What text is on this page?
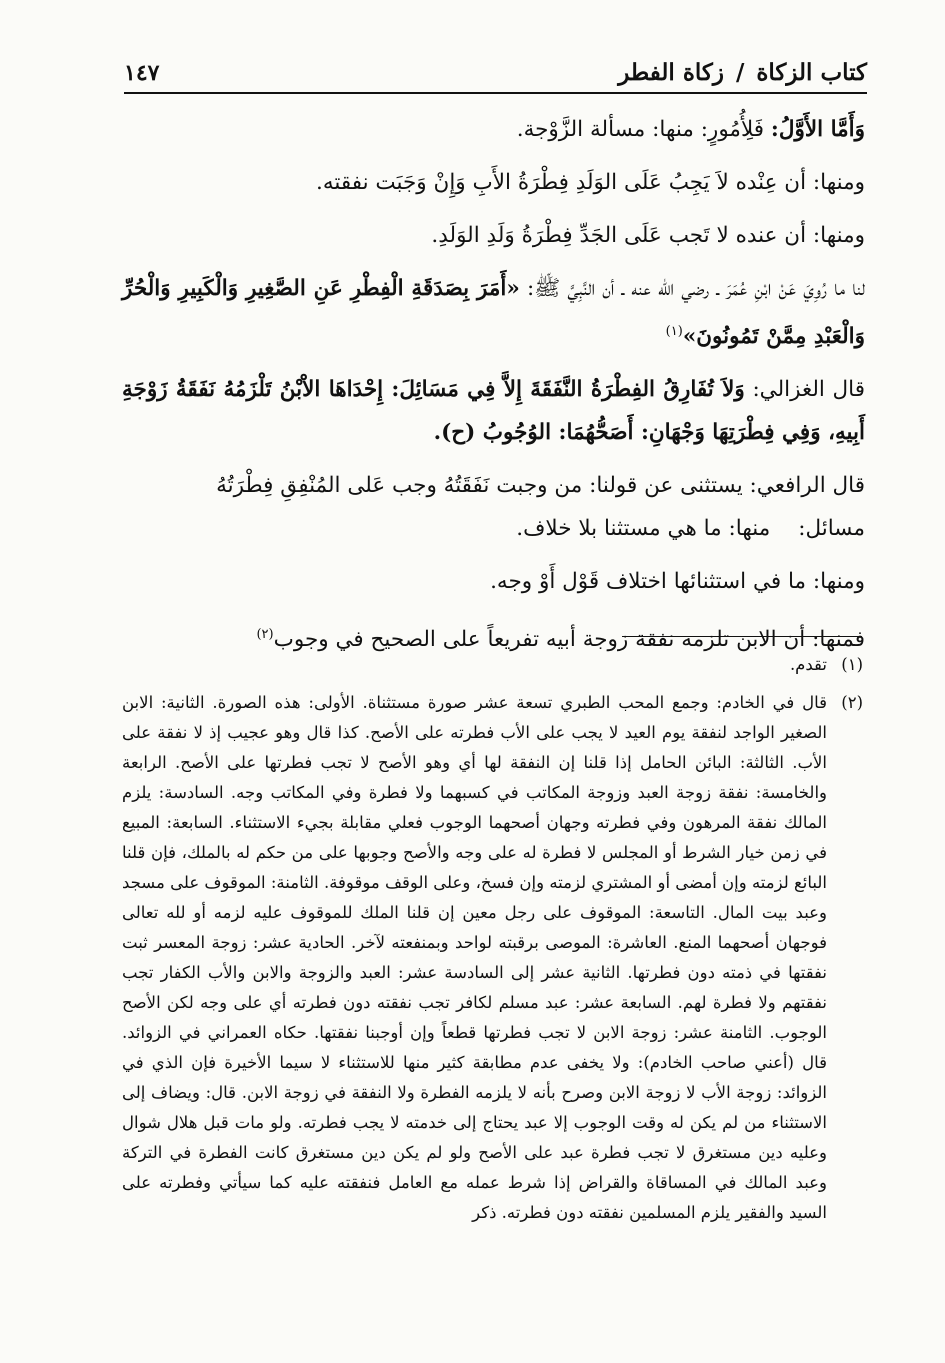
كتاب الزكاة
/
زكاة الفطر
١٤٧

وَأَمَّا الأَوَّلُ: فَلِأُمُورٍ: منها: مسألة الزَّوْجة.

ومنها: أن عِنْده لاَ يَجِبُ عَلَى الوَلَدِ فِطْرَةُ الأَبِ وَإِنْ وَجَبَت نفقته.

ومنها: أن عنده لا تَجب عَلَى الجَدِّ فِطْرَةُ وَلَدِ الوَلَدِ.

لنا ما رُوِيَ عَنْ ابْنِ عُمَرَ ـ رضي الله عنه ـ أن النَّبِيَّ ﷺ: «أَمَرَ بِصَدَقَةِ الْفِطْرِ عَنِ الصَّغِيرِ وَالْكَبِيرِ وَالْحُرِّ وَالْعَبْدِ مِمَّنْ تَمُونُونَ»$^{(١)}$

قال الغزالي: وَلاَ تُفَارِقُ الفِطْرَةُ النَّفَقَةَ إِلاَّ فِي مَسَائِلَ: إِحْدَاهَا الاْبْنُ تَلْزَمُهُ نَفَقَةُ زَوْجَةِ أَبِيهِ، وَفِي فِطْرَتِهَا وَجْهَانِ: أَصَحُّهُمَا: الوُجُوبُ (ح).

قال الرافعي: يستثنى عن قولنا: من وجبت نَفَقَتُهُ وجب عَلى المُنْفِقِ فِطْرَتُهُ

مسائل:
منها: ما هي مستثنا بلا خلاف.

ومنها: ما في استثنائها اختلاف قَوْل أَوْ وجه.

فمنها: أن الابن تلزمه نفقة زوجة أبيه تفريعاً على الصحيح في وجوب$^{(٢)}$

(١)
تقدم.
(٢)
قال في الخادم: وجمع المحب الطبري تسعة عشر صورة مستثناة. الأولى: هذه الصورة. الثانية: الابن الصغير الواجد لنفقة يوم العيد لا يجب على الأب فطرته على الأصح. كذا قال وهو عجيب إذ لا نفقة على الأب. الثالثة: البائن الحامل إذا قلنا إن النفقة لها أي وهو الأصح لا تجب فطرتها على الأصح. الرابعة والخامسة: نفقة زوجة العبد وزوجة المكاتب في كسبهما ولا فطرة وفي المكاتب وجه. السادسة: يلزم المالك نفقة المرهون وفي فطرته وجهان أصحهما الوجوب فعلي مقابلة بجيء الاستثناء. السابعة: المبيع في زمن خيار الشرط أو المجلس لا فطرة له على وجه والأصح وجوبها على من حكم له بالملك، فإن قلنا البائع لزمته وإن أمضى أو المشتري لزمته وإن فسخ، وعلى الوقف موقوفة. الثامنة: الموقوف على مسجد وعبد بيت المال. التاسعة: الموقوف على رجل معين إن قلنا الملك للموقوف عليه لزمه أو لله تعالى فوجهان أصحهما المنع. العاشرة: الموصى برقبته لواحد وبمنفعته لآخر. الحادية عشر: زوجة المعسر ثبت نفقتها في ذمته دون فطرتها. الثانية عشر إلى السادسة عشر: العبد والزوجة والابن والأب الكفار تجب نفقتهم ولا فطرة لهم. السابعة عشر: عبد مسلم لكافر تجب نفقته دون فطرته أي على وجه لكن الأصح الوجوب. الثامنة عشر: زوجة الابن لا تجب فطرتها قطعاً وإن أوجبنا نفقتها. حكاه العمراني في الزوائد. قال (أعني صاحب الخادم): ولا يخفى عدم مطابقة كثير منها للاستثناء لا سيما الأخيرة فإن الذي في الزوائد: زوجة الأب لا زوجة الابن وصرح بأنه لا يلزمه الفطرة ولا النفقة في زوجة الابن. قال: ويضاف إلى الاستثناء من لم يكن له وقت الوجوب إلا عبد يحتاج إلى خدمته لا يجب فطرته. ولو مات قبل هلال شوال وعليه دين مستغرق لا تجب فطرة عبد على الأصح ولو لم يكن دين مستغرق كانت الفطرة في التركة وعبد المالك في المساقاة والقراض إذا شرط عمله مع العامل فنفقته عليه كما سيأتي وفطرته على السيد والفقير يلزم المسلمين نفقته دون فطرته. ذكر
